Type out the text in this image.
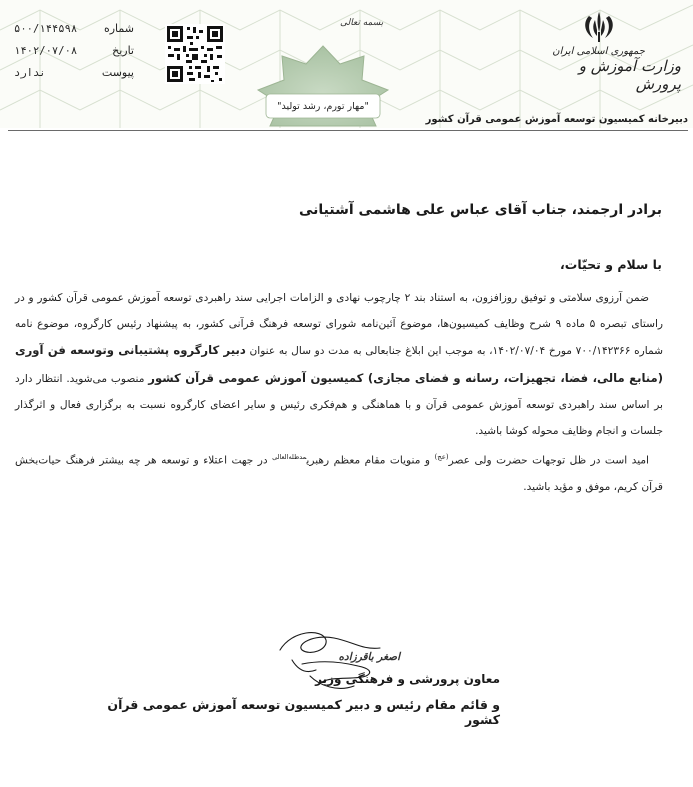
شماره
۵۰۰/۱۴۴۵۹۸
تاریخ
۱۴۰۲/۰۷/۰۸
پیوست
ندارد
بسمه تعالی
"مهار تورم، رشد تولید"
جمهوری اسلامی ایران
وزارت آموزش و پرورش
دبیرخانه کمیسیون توسعه آموزش عمومی قرآن کشور
برادر ارجمند، جناب آقای عباس علی هاشمی آشتیانی
با سلام و تحیّات،

ضمن آرزوی سلامتی و توفیق روزافزون، به استناد بند ۲ چارچوب نهادی و الزامات اجرایی سند راهبردی توسعه آموزش عمومی قرآن کشور و در راستای تبصره ۵ ماده ۹ شرح وظایف کمیسیون‌ها، موضوع آئین‌نامه شورای توسعه فرهنگ قرآنی کشور، به پیشنهاد رئیس کارگروه، موضوع نامه شماره ۷۰۰/۱۴۲۳۶۶ مورخ ۱۴۰۲/۰۷/۰۴، به موجب این ابلاغ جنابعالی به مدت دو سال به عنوان دبیر کارگروه پشتیبانی وتوسعه فن آوری (منابع مالی، فضا، تجهیزات، رسانه و فضای مجازی) کمیسیون آموزش عمومی قرآن کشور منصوب می‌شوید. انتظار دارد بر اساس سند راهبردی توسعه آموزش عمومی قرآن و با هماهنگی و هم‌فکری رئیس و سایر اعضای کارگروه نسبت به برگزاری فعال و اثرگذار جلسات و انجام وظایف محوله کوشا باشید.

امید است در ظل توجهات حضرت ولی عصر$^{(عج)}$ و منویات مقام معظم رهبری$^{مدظله‌العالی}$ در جهت اعتلاء و توسعه هر چه بیشتر فرهنگ حیات‌بخش قرآن کریم، موفق و مؤید باشید.

اصغر باقرزاده
معاون پرورشی و فرهنگی وزیر
و قائم مقام رئیس و دبیر کمیسیون توسعه آموزش عمومی قرآن کشور
